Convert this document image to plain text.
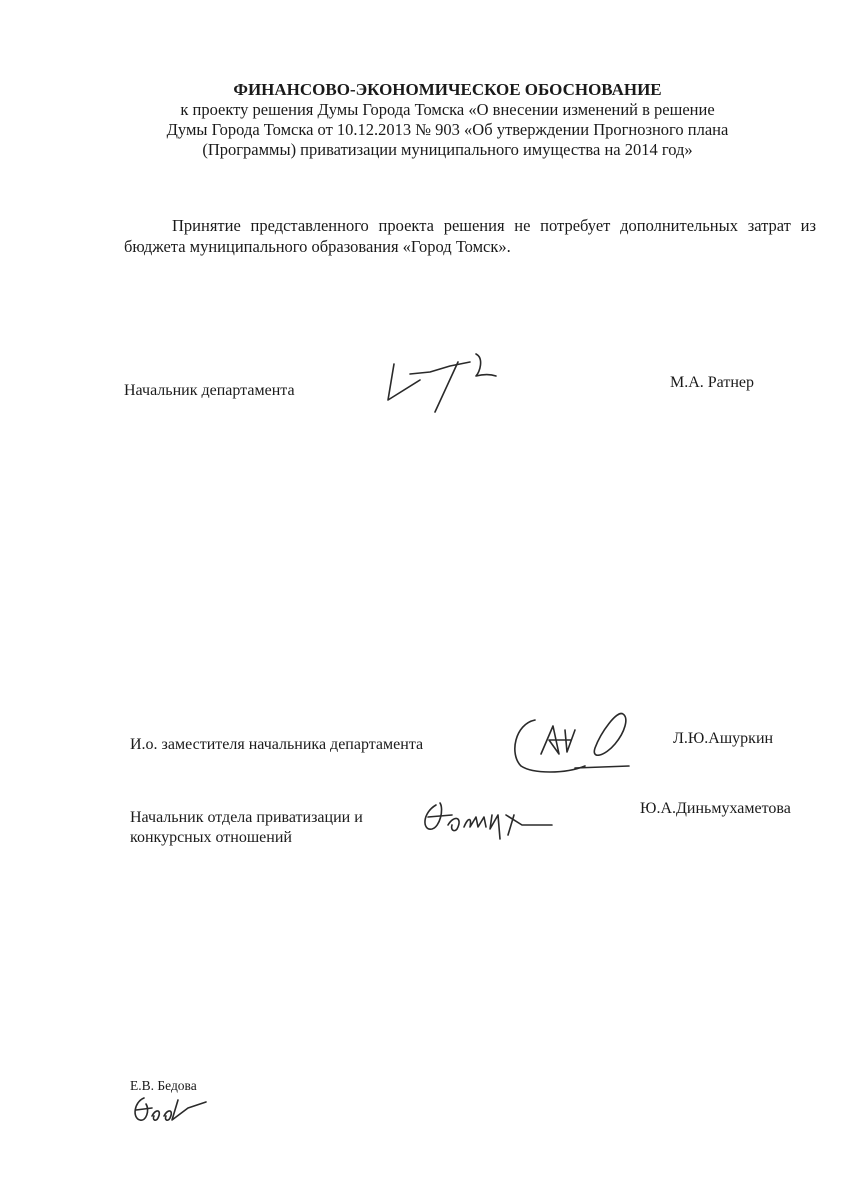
ФИНАНСОВО-ЭКОНОМИЧЕСКОЕ ОБОСНОВАНИЕ
к проекту решения Думы Города Томска «О внесении изменений в решение
Думы Города Томска от 10.12.2013 № 903 «Об утверждении Прогнозного плана
(Программы) приватизации муниципального имущества на 2014 год»
Принятие представленного проекта решения не потребует дополнительных затрат из бюджета муниципального образования «Город Томск».
Начальник департамента	М.А. Ратнер
И.о. заместителя начальника департамента	Л.Ю.Ашуркин
Начальник отдела приватизации и
конкурсных отношений
Ю.А.Диньмухаметова
Е.В. Бедова
